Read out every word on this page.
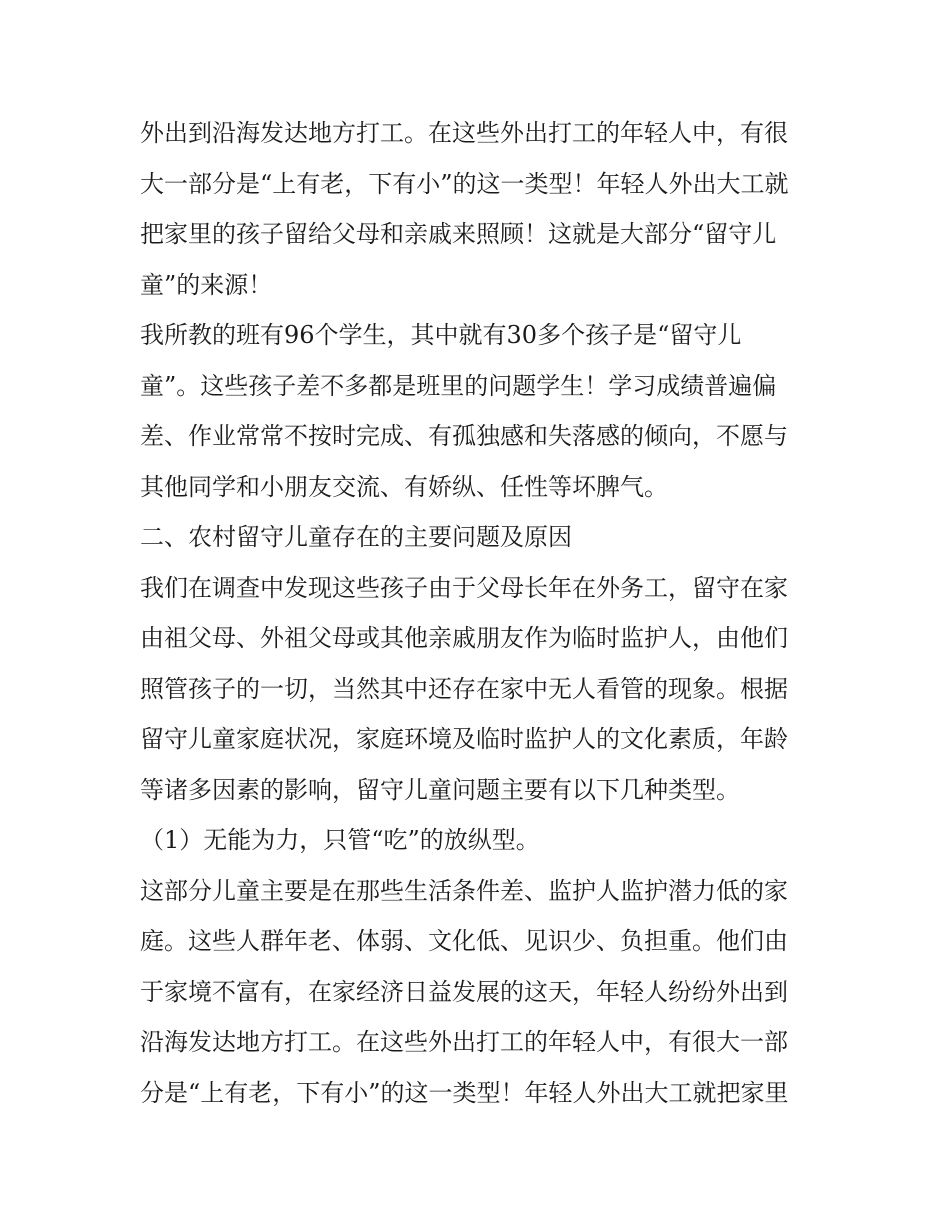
外出到沿海发达地方打工。在这些外出打工的年轻人中，有很
大一部分是“上有老，下有小”的这一类型！年轻人外出大工就
把家里的孩子留给父母和亲戚来照顾！这就是大部分“留守儿
童”的来源！
我所教的班有96个学生，其中就有30多个孩子是“留守儿
童”。这些孩子差不多都是班里的问题学生！学习成绩普遍偏
差、作业常常不按时完成、有孤独感和失落感的倾向，不愿与
其他同学和小朋友交流、有娇纵、任性等坏脾气。
二、农村留守儿童存在的主要问题及原因
我们在调查中发现这些孩子由于父母长年在外务工，留守在家
由祖父母、外祖父母或其他亲戚朋友作为临时监护人，由他们
照管孩子的一切，当然其中还存在家中无人看管的现象。根据
留守儿童家庭状况，家庭环境及临时监护人的文化素质，年龄
等诸多因素的影响，留守儿童问题主要有以下几种类型。
（1）无能为力，只管“吃”的放纵型。
这部分儿童主要是在那些生活条件差、监护人监护潜力低的家
庭。这些人群年老、体弱、文化低、见识少、负担重。他们由
于家境不富有，在家经济日益发展的这天，年轻人纷纷外出到
沿海发达地方打工。在这些外出打工的年轻人中，有很大一部
分是“上有老，下有小”的这一类型！年轻人外出大工就把家里
